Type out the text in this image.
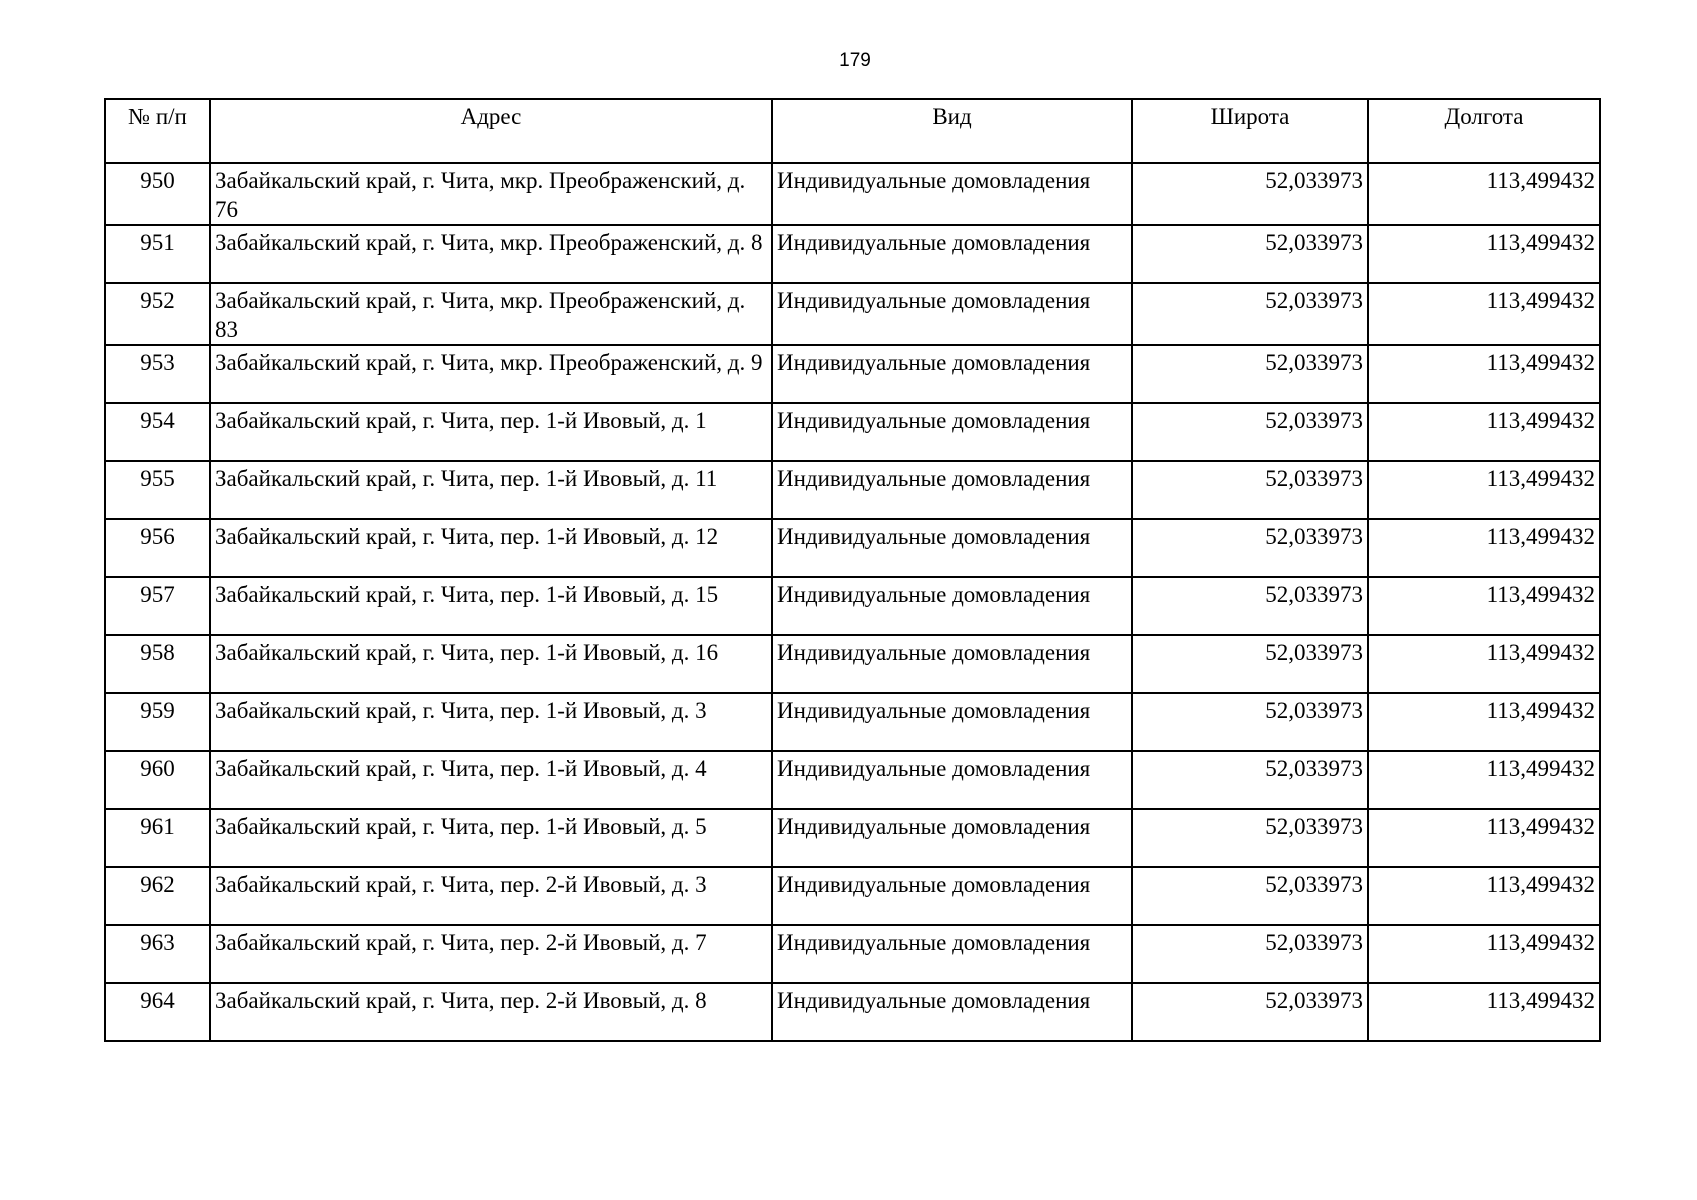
179
№ п/п	Адрес	Вид	Широта	Долгота
950	Забайкальский край, г. Чита, мкр. Преображенский, д. 76	Индивидуальные домовладения	52,033973	113,499432
951	Забайкальский край, г. Чита, мкр. Преображенский, д. 8	Индивидуальные домовладения	52,033973	113,499432
952	Забайкальский край, г. Чита, мкр. Преображенский, д. 83	Индивидуальные домовладения	52,033973	113,499432
953	Забайкальский край, г. Чита, мкр. Преображенский, д. 9	Индивидуальные домовладения	52,033973	113,499432
954	Забайкальский край, г. Чита, пер. 1-й Ивовый, д. 1	Индивидуальные домовладения	52,033973	113,499432
955	Забайкальский край, г. Чита, пер. 1-й Ивовый, д. 11	Индивидуальные домовладения	52,033973	113,499432
956	Забайкальский край, г. Чита, пер. 1-й Ивовый, д. 12	Индивидуальные домовладения	52,033973	113,499432
957	Забайкальский край, г. Чита, пер. 1-й Ивовый, д. 15	Индивидуальные домовладения	52,033973	113,499432
958	Забайкальский край, г. Чита, пер. 1-й Ивовый, д. 16	Индивидуальные домовладения	52,033973	113,499432
959	Забайкальский край, г. Чита, пер. 1-й Ивовый, д. 3	Индивидуальные домовладения	52,033973	113,499432
960	Забайкальский край, г. Чита, пер. 1-й Ивовый, д. 4	Индивидуальные домовладения	52,033973	113,499432
961	Забайкальский край, г. Чита, пер. 1-й Ивовый, д. 5	Индивидуальные домовладения	52,033973	113,499432
962	Забайкальский край, г. Чита, пер. 2-й Ивовый, д. 3	Индивидуальные домовладения	52,033973	113,499432
963	Забайкальский край, г. Чита, пер. 2-й Ивовый, д. 7	Индивидуальные домовладения	52,033973	113,499432
964	Забайкальский край, г. Чита, пер. 2-й Ивовый, д. 8	Индивидуальные домовладения	52,033973	113,499432
